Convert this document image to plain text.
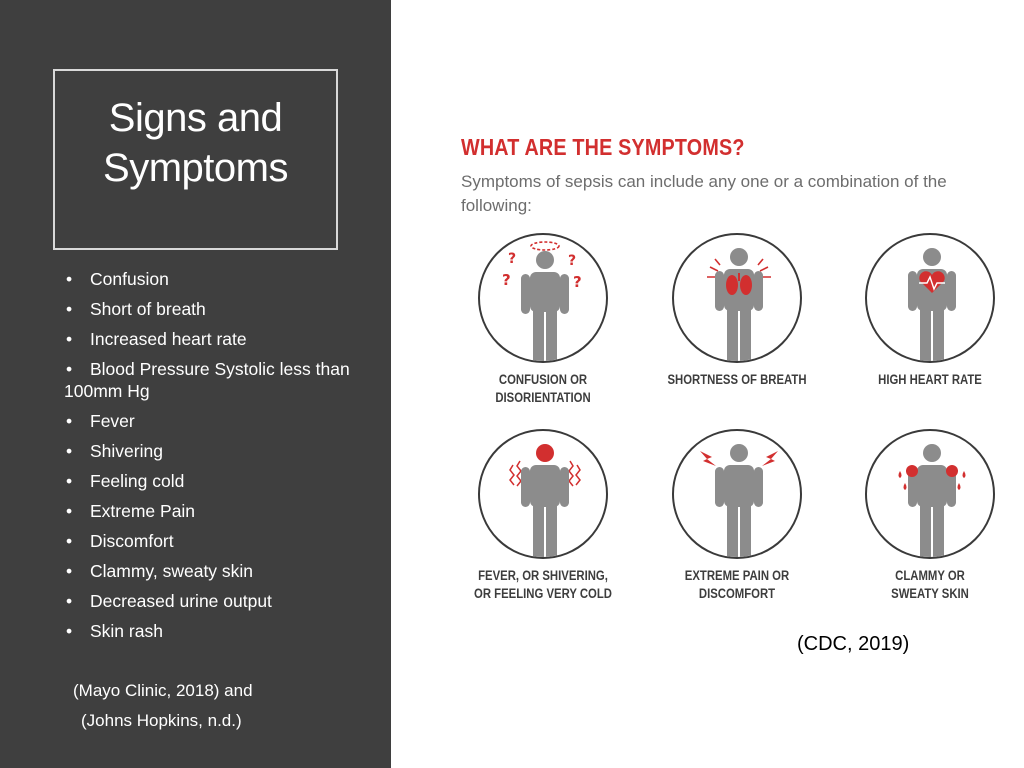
Signs and
Symptoms
• Confusion
• Short of breath
• Increased heart rate
• Blood Pressure Systolic less than 100mm Hg
• Fever
• Shivering
• Feeling cold
• Extreme Pain
• Discomfort
• Clammy, sweaty skin
• Decreased urine output
• Skin rash
(Mayo Clinic, 2018) and
(Johns Hopkins, n.d.)
WHAT ARE THE SYMPTOMS?
Symptoms of sepsis can include any one or a combination of the following:
?
?
?
?
CONFUSION OR
DISORIENTATION
SHORTNESS OF BREATH	HIGH HEART RATE
FEVER, OR SHIVERING,
OR FEELING VERY COLD
EXTREME PAIN OR
DISCOMFORT
CLAMMY OR
SWEATY SKIN
(CDC, 2019)
